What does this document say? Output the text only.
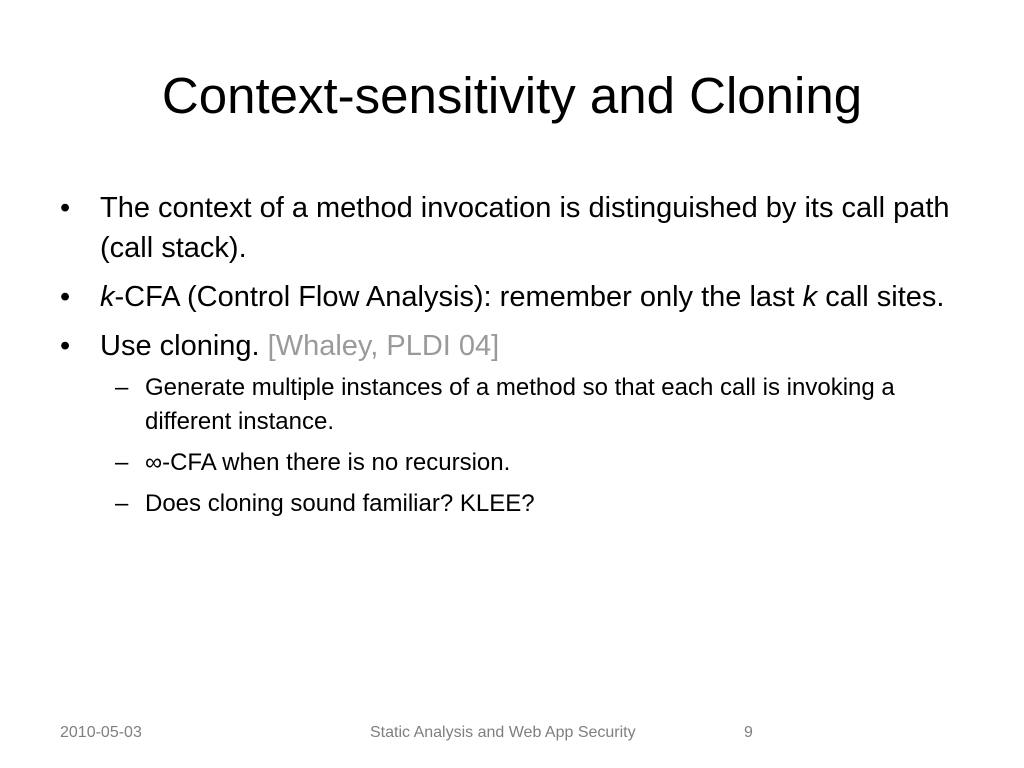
Context-sensitivity and Cloning
•	The context of a method invocation is distinguished by its call path (call stack).
•	k-CFA (Control Flow Analysis): remember only the last k call sites.
•	Use cloning. [Whaley, PLDI 04]
– Generate multiple instances of a method so that each call is invoking a different instance.
– ∞-CFA when there is no recursion.
– Does cloning sound familiar? KLEE?
2010-05-03	Static Analysis and Web App Security	9
